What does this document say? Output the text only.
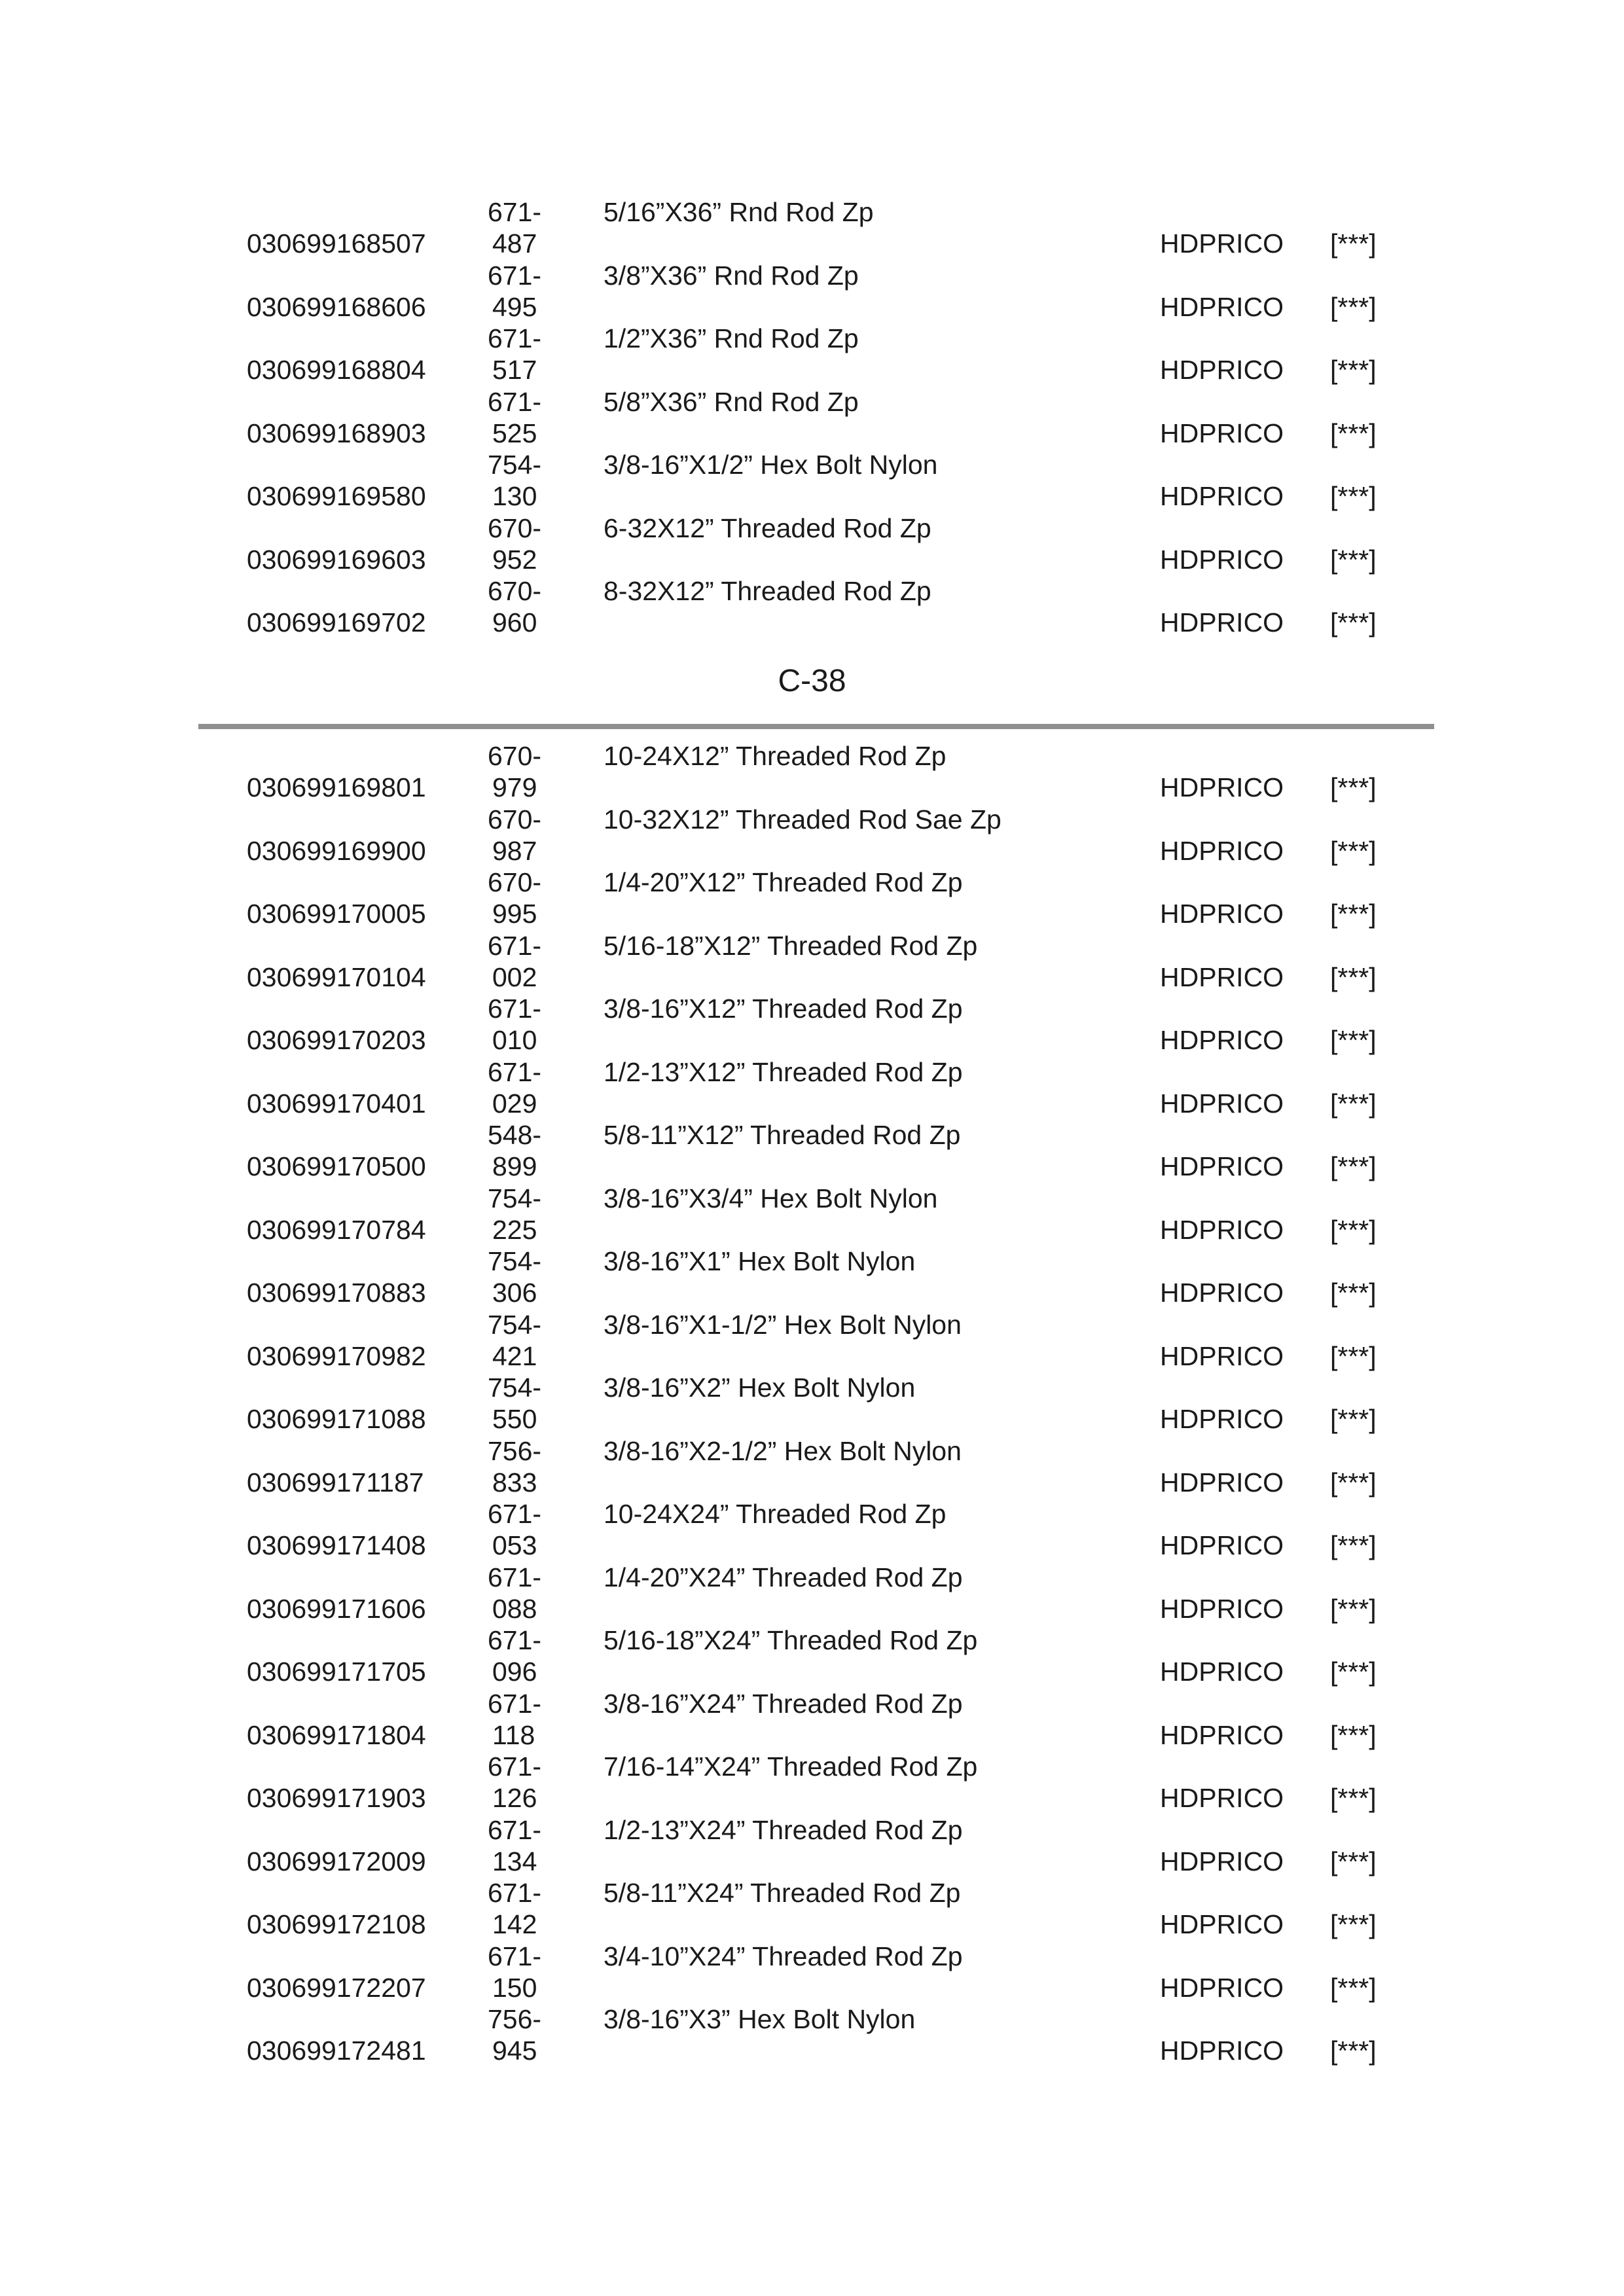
030699168507
671-
487
5/16”X36” Rnd Rod Zp
HDPRICO [***]
030699168606
671-
495
3/8”X36” Rnd Rod Zp
HDPRICO [***]
030699168804
671-
517
1/2”X36” Rnd Rod Zp
HDPRICO [***]
030699168903
671-
525
5/8”X36” Rnd Rod Zp
HDPRICO [***]
030699169580
754-
130
3/8-16”X1/2” Hex Bolt Nylon
HDPRICO [***]
030699169603
670-
952
6-32X12” Threaded Rod Zp
HDPRICO [***]
030699169702
670-
960
8-32X12” Threaded Rod Zp
HDPRICO [***]
C-38
030699169801
670-
979
10-24X12” Threaded Rod Zp
HDPRICO [***]
030699169900
670-
987
10-32X12” Threaded Rod Sae Zp
HDPRICO [***]
030699170005
670-
995
1/4-20”X12” Threaded Rod Zp
HDPRICO [***]
030699170104
671-
002
5/16-18”X12” Threaded Rod Zp
HDPRICO [***]
030699170203
671-
010
3/8-16”X12” Threaded Rod Zp
HDPRICO [***]
030699170401
671-
029
1/2-13”X12” Threaded Rod Zp
HDPRICO [***]
030699170500
548-
899
5/8-11”X12” Threaded Rod Zp
HDPRICO [***]
030699170784
754-
225
3/8-16”X3/4” Hex Bolt Nylon
HDPRICO [***]
030699170883
754-
306
3/8-16”X1” Hex Bolt Nylon
HDPRICO [***]
030699170982
754-
421
3/8-16”X1-1/2” Hex Bolt Nylon
HDPRICO [***]
030699171088
754-
550
3/8-16”X2” Hex Bolt Nylon
HDPRICO [***]
030699171187
756-
833
3/8-16”X2-1/2” Hex Bolt Nylon
HDPRICO [***]
030699171408
671-
053
10-24X24” Threaded Rod Zp
HDPRICO [***]
030699171606
671-
088
1/4-20”X24” Threaded Rod Zp
HDPRICO [***]
030699171705
671-
096
5/16-18”X24” Threaded Rod Zp
HDPRICO [***]
030699171804
671-
118
3/8-16”X24” Threaded Rod Zp
HDPRICO [***]
030699171903
671-
126
7/16-14”X24” Threaded Rod Zp
HDPRICO [***]
030699172009
671-
134
1/2-13”X24” Threaded Rod Zp
HDPRICO [***]
030699172108
671-
142
5/8-11”X24” Threaded Rod Zp
HDPRICO [***]
030699172207
671-
150
3/4-10”X24” Threaded Rod Zp
HDPRICO [***]
030699172481
756-
945
3/8-16”X3” Hex Bolt Nylon
HDPRICO [***]
